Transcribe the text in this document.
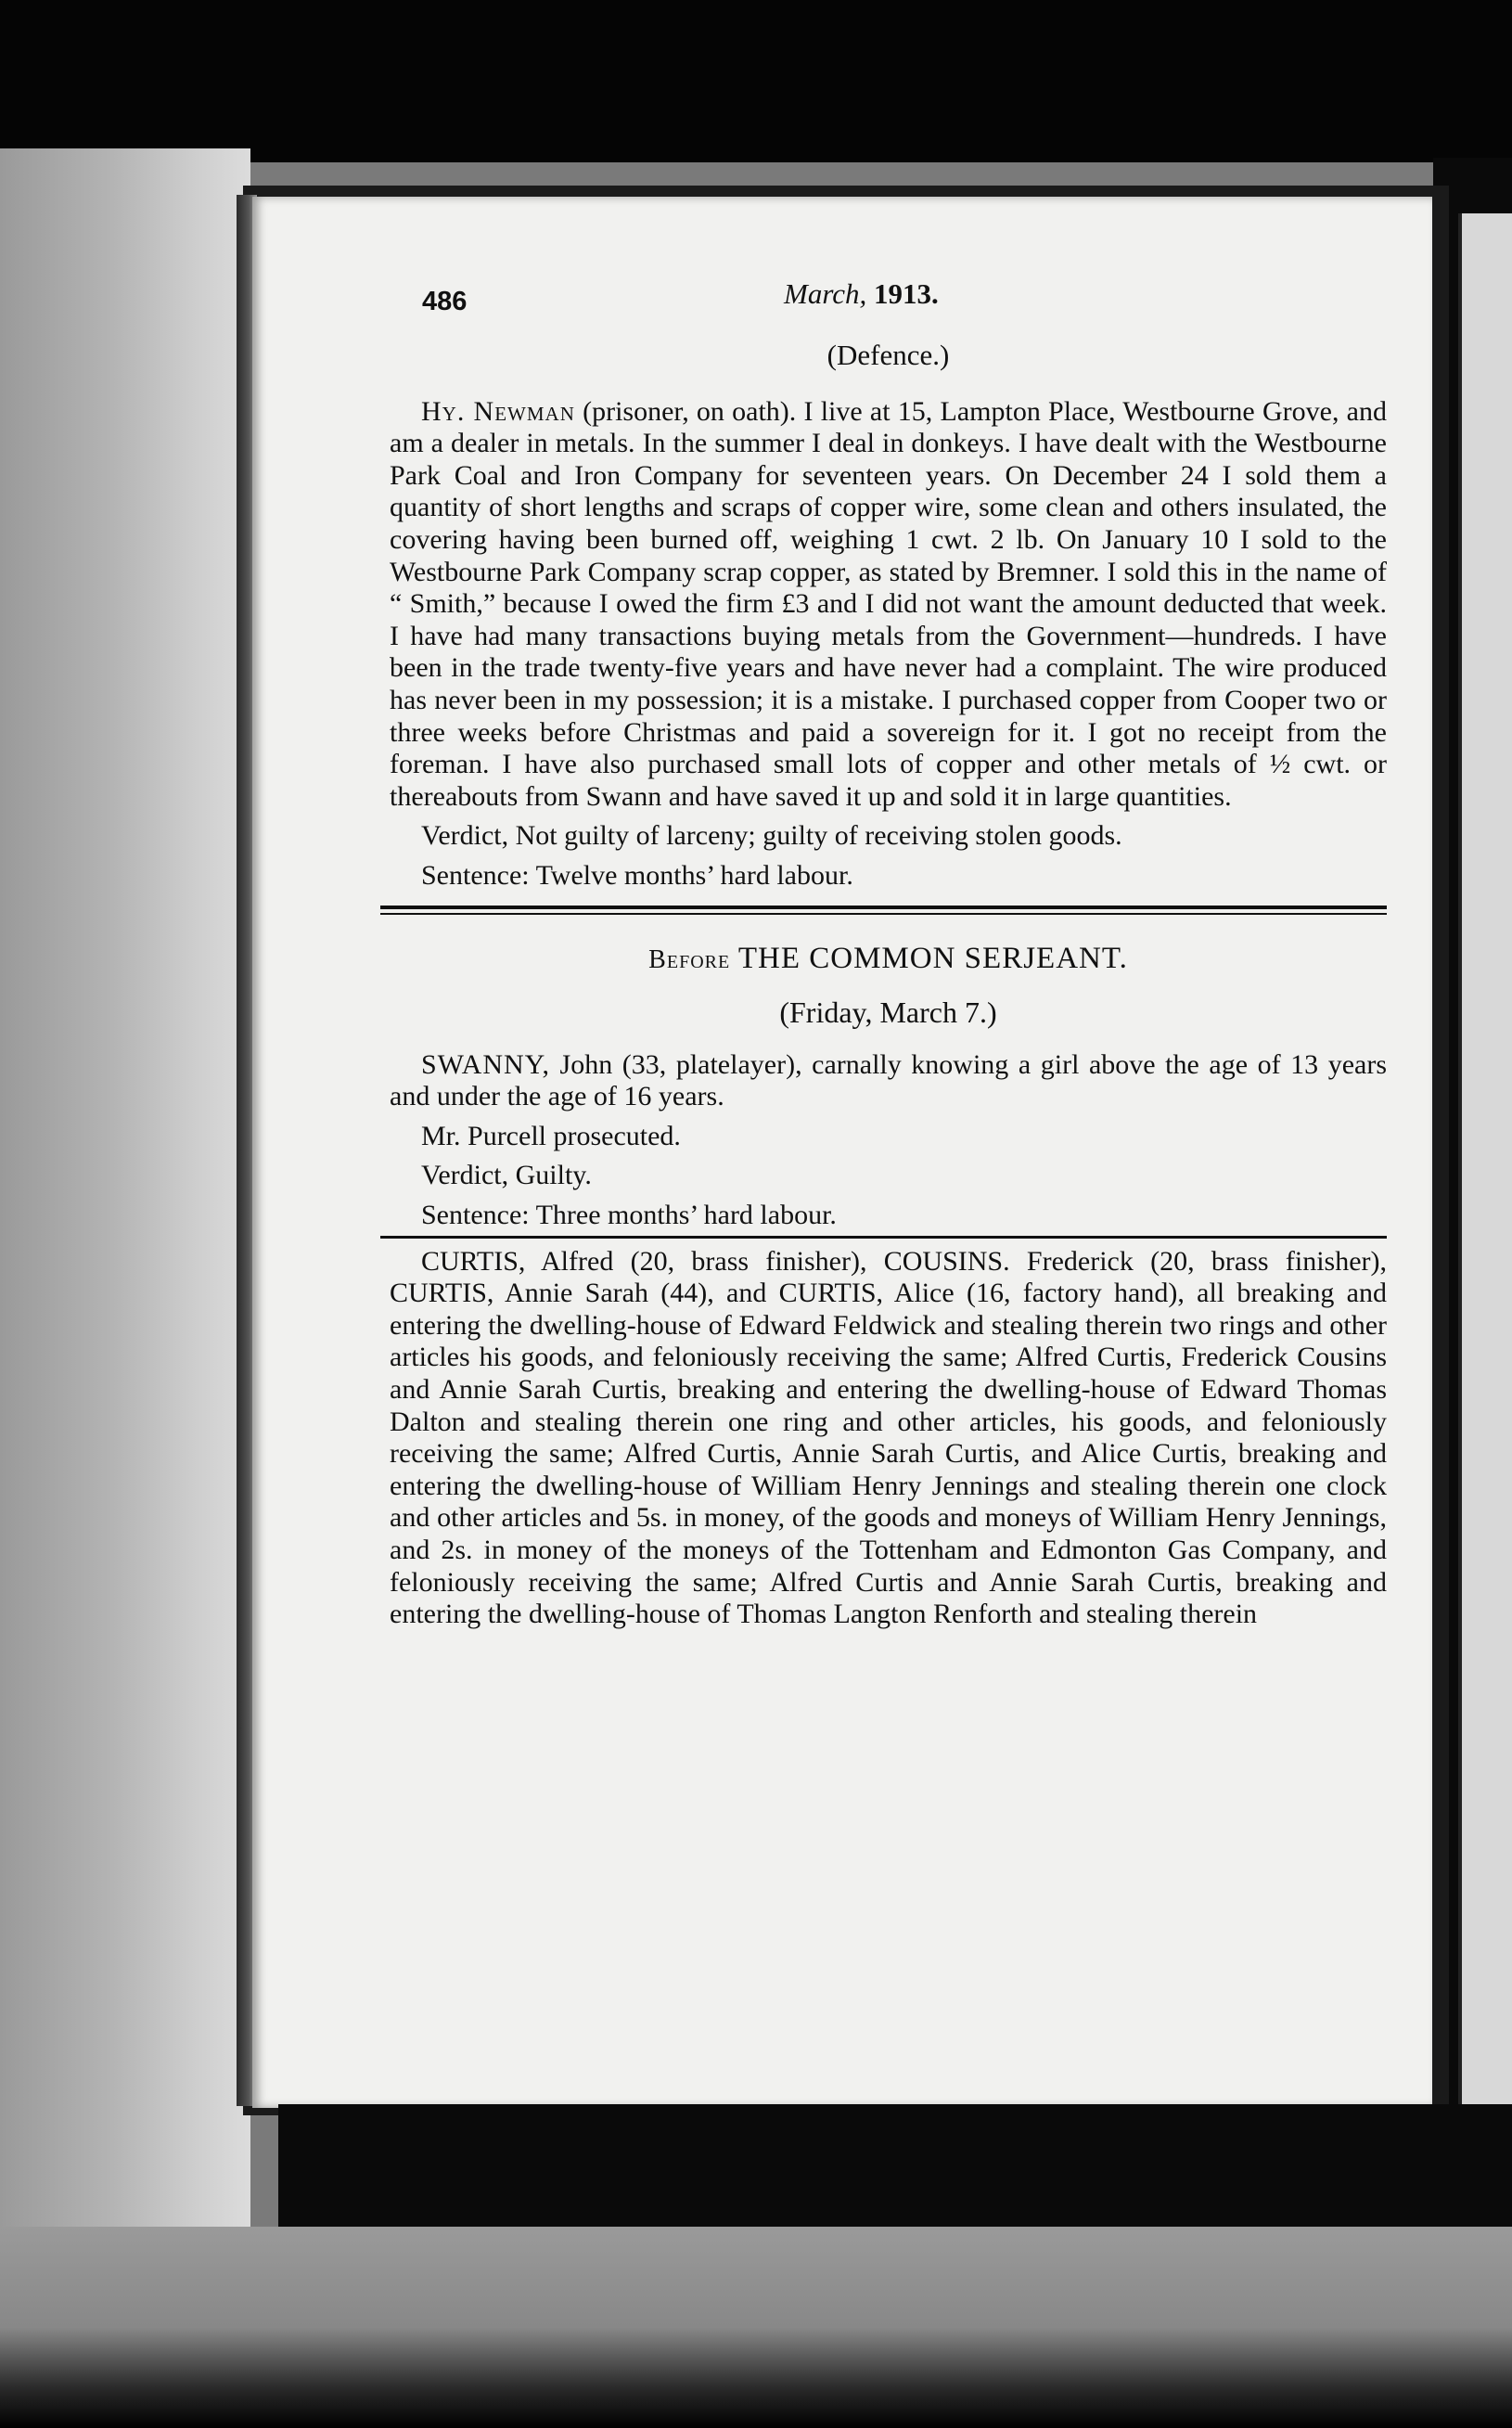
486	March, 1913.
(Defence.)

Hy. Newman (prisoner, on oath). I live at 15, Lampton Place, Westbourne Grove, and am a dealer in metals. In the summer I deal in donkeys. I have dealt with the Westbourne Park Coal and Iron Company for seventeen years. On December 24 I sold them a quantity of short lengths and scraps of copper wire, some clean and others insulated, the covering having been burned off, weighing 1 cwt. 2 lb. On January 10 I sold to the Westbourne Park Company scrap copper, as stated by Bremner. I sold this in the name of “ Smith,” because I owed the firm £3 and I did not want the amount deducted that week. I have had many transactions buying metals from the Government—hundreds. I have been in the trade twenty-five years and have never had a complaint. The wire produced has never been in my possession; it is a mistake. I purchased copper from Cooper two or three weeks before Christmas and paid a sovereign for it. I got no receipt from the foreman. I have also purchased small lots of copper and other metals of ½ cwt. or thereabouts from Swann and have saved it up and sold it in large quantities.

Verdict, Not guilty of larceny; guilty of receiving stolen goods.

Sentence: Twelve months’ hard labour.

Before THE COMMON SERJEANT.
(Friday, March 7.)

SWANNY, John (33, platelayer), carnally knowing a girl above the age of 13 years and under the age of 16 years.

Mr. Purcell prosecuted.

Verdict, Guilty.

Sentence: Three months’ hard labour.

CURTIS, Alfred (20, brass finisher), COUSINS. Frederick (20, brass finisher), CURTIS, Annie Sarah (44), and CURTIS, Alice (16, factory hand), all breaking and entering the dwelling-house of Edward Feldwick and stealing therein two rings and other articles his goods, and feloniously receiving the same; Alfred Curtis, Frederick Cousins and Annie Sarah Curtis, breaking and entering the dwelling-house of Edward Thomas Dalton and stealing therein one ring and other articles, his goods, and feloniously receiving the same; Alfred Curtis, Annie Sarah Curtis, and Alice Curtis, breaking and entering the dwelling-house of William Henry Jennings and stealing therein one clock and other articles and 5s. in money, of the goods and moneys of William Henry Jennings, and 2s. in money of the moneys of the Tottenham and Edmonton Gas Company, and feloniously receiving the same; Alfred Curtis and Annie Sarah Curtis, breaking and entering the dwelling-house of Thomas Langton Renforth and stealing therein
